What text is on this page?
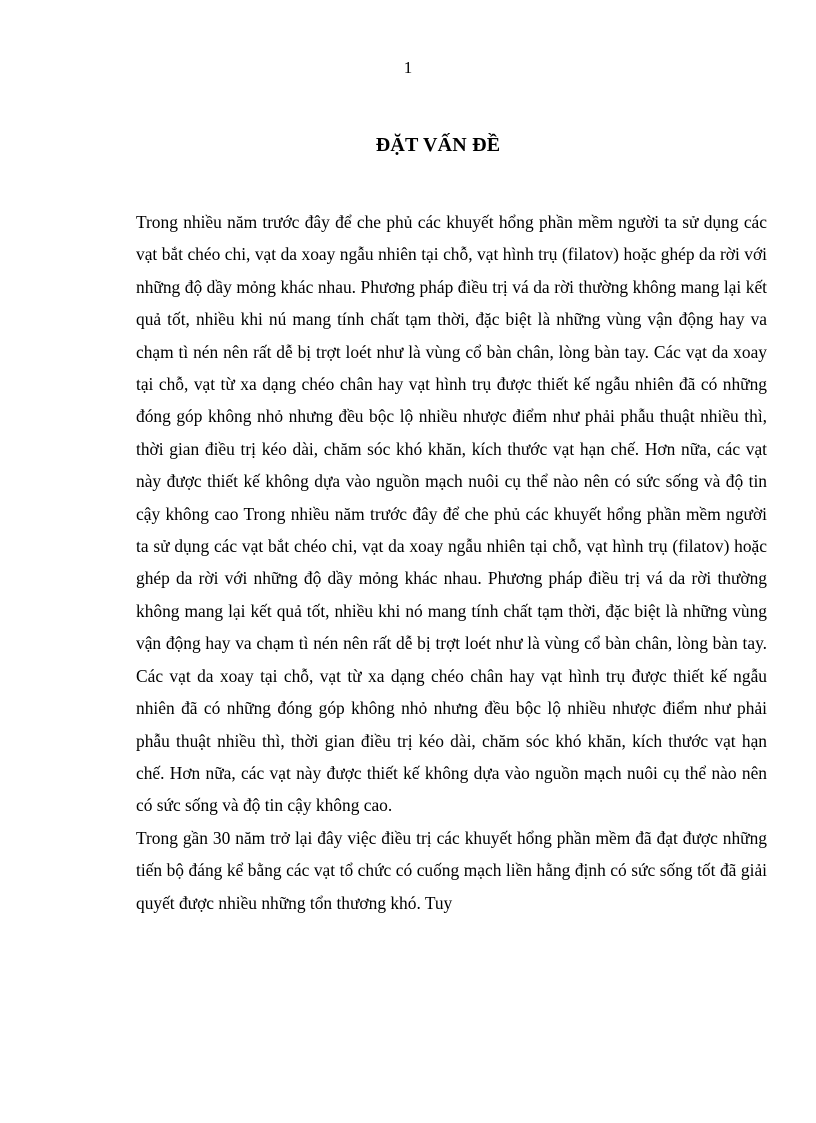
1
ĐẶT VẤN ĐỀ

Trong nhiều năm trước đây để che phủ các khuyết hổng phần mềm người ta sử dụng các vạt bắt chéo chi, vạt da xoay ngẫu nhiên tại chỗ, vạt hình trụ (filatov) hoặc ghép da rời với những độ dầy mỏng khác nhau. Phương pháp điều trị vá da rời thường không mang lại kết quả tốt, nhiều khi nú mang tính chất tạm thời, đặc biệt là những vùng vận động hay va chạm tì nén nên rất dễ bị trợt loét như là vùng cổ bàn chân, lòng bàn tay. Các vạt da xoay tại chỗ, vạt từ xa dạng chéo chân hay vạt hình trụ được thiết kế ngẫu nhiên đã có những đóng góp không nhỏ nhưng đều bộc lộ nhiều nhược điểm như phải phẫu thuật nhiều thì, thời gian điều trị kéo dài, chăm sóc khó khăn, kích thước vạt hạn chế. Hơn nữa, các vạt này được thiết kế không dựa vào nguồn mạch nuôi cụ thể nào nên có sức sống và độ tin cậy không cao Trong nhiều năm trước đây để che phủ các khuyết hổng phần mềm người ta sử dụng các vạt bắt chéo chi, vạt da xoay ngẫu nhiên tại chỗ, vạt hình trụ (filatov) hoặc ghép da rời với những độ dầy mỏng khác nhau. Phương pháp điều trị vá da rời thường không mang lại kết quả tốt, nhiều khi nó mang tính chất tạm thời, đặc biệt là những vùng vận động hay va chạm tì nén nên rất dễ bị trợt loét như là vùng cổ bàn chân, lòng bàn tay. Các vạt da xoay tại chỗ, vạt từ xa dạng chéo chân hay vạt hình trụ được thiết kế ngẫu nhiên đã có những đóng góp không nhỏ nhưng đều bộc lộ nhiều nhược điểm như phải phẫu thuật nhiều thì, thời gian điều trị kéo dài, chăm sóc khó khăn, kích thước vạt hạn chế. Hơn nữa, các vạt này được thiết kế không dựa vào nguồn mạch nuôi cụ thể nào nên có sức sống và độ tin cậy không cao.

Trong gần 30 năm trở lại đây việc điều trị các khuyết hổng phần mềm đã đạt được những tiến bộ đáng kể bằng các vạt tổ chức có cuống mạch liền hằng định có sức sống tốt đã giải quyết được nhiều những tổn thương khó. Tuy
